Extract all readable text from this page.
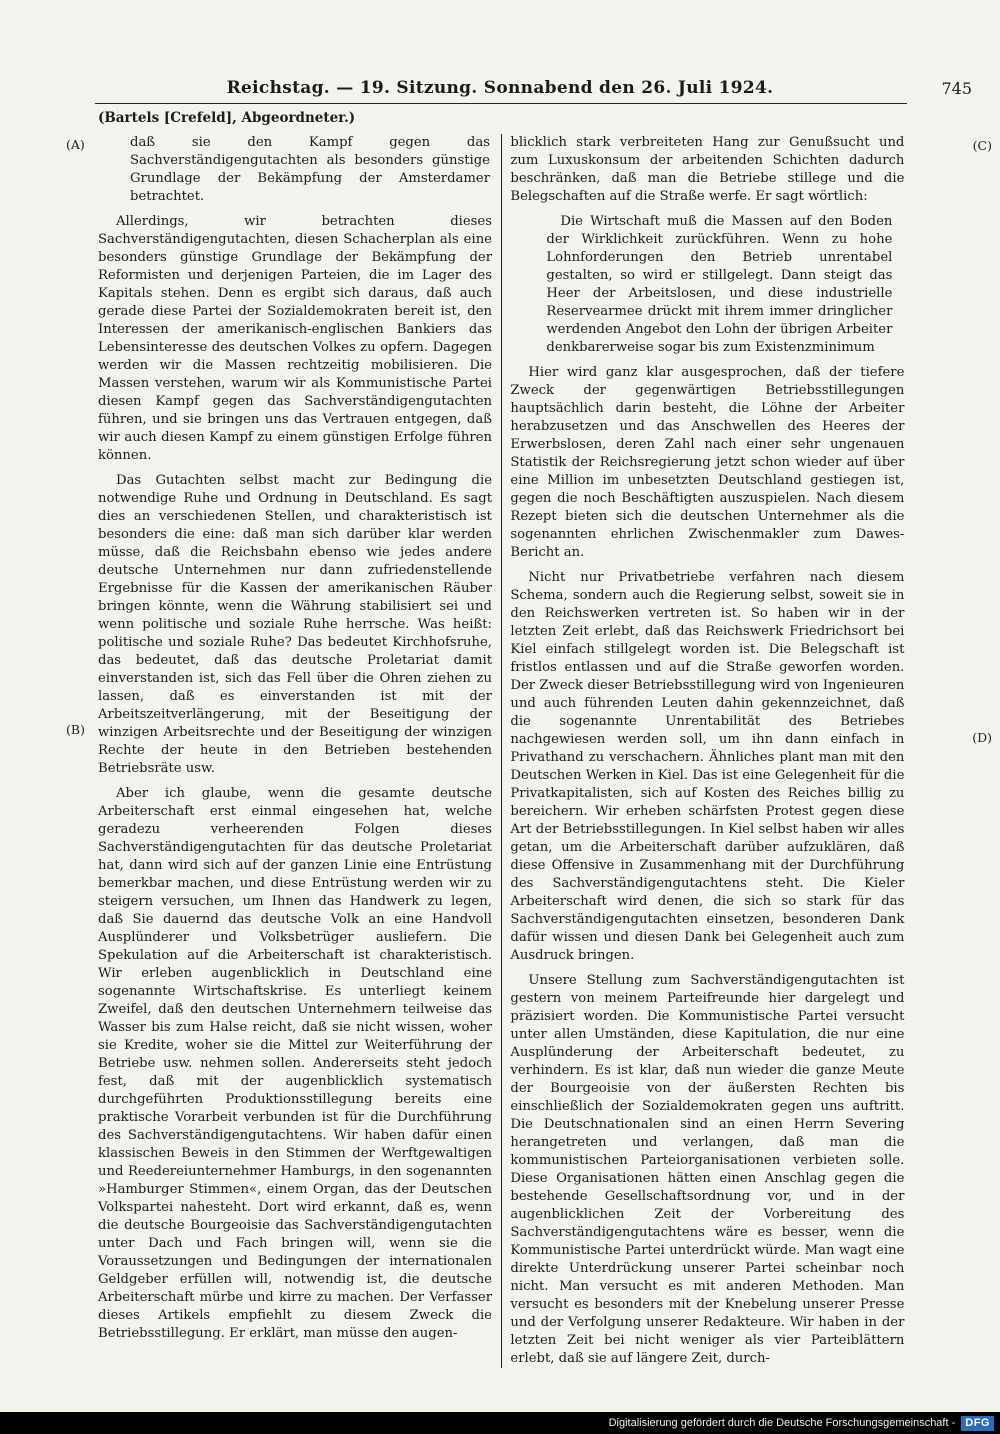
Reichstag. — 19. Sitzung. Sonnabend den 26. Juli 1924.	745
(Bartels [Crefeld], Abgeordneter.)
(A)
(B)
(C)
(D)

daß sie den Kampf gegen das Sachverständigengutachten als besonders günstige Grundlage der Bekämpfung der Amsterdamer betrachtet.

Allerdings, wir betrachten dieses Sachverständigengutachten, diesen Schacherplan als eine besonders günstige Grundlage der Bekämpfung der Reformisten und derjenigen Parteien, die im Lager des Kapitals stehen. Denn es ergibt sich daraus, daß auch gerade diese Partei der Sozialdemokraten bereit ist, den Interessen der amerikanisch-englischen Bankiers das Lebensinteresse des deutschen Volkes zu opfern. Dagegen werden wir die Massen rechtzeitig mobilisieren. Die Massen verstehen, warum wir als Kommunistische Partei diesen Kampf gegen das Sachverständigengutachten führen, und sie bringen uns das Vertrauen entgegen, daß wir auch diesen Kampf zu einem günstigen Erfolge führen können.

Das Gutachten selbst macht zur Bedingung die notwendige Ruhe und Ordnung in Deutschland. Es sagt dies an verschiedenen Stellen, und charakteristisch ist besonders die eine: daß man sich darüber klar werden müsse, daß die Reichsbahn ebenso wie jedes andere deutsche Unternehmen nur dann zufriedenstellende Ergebnisse für die Kassen der amerikanischen Räuber bringen könnte, wenn die Währung stabilisiert sei und wenn politische und soziale Ruhe herrsche. Was heißt: politische und soziale Ruhe? Das bedeutet Kirchhofsruhe, das bedeutet, daß das deutsche Proletariat damit einverstanden ist, sich das Fell über die Ohren ziehen zu lassen, daß es einverstanden ist mit der Arbeitszeitverlängerung, mit der Beseitigung der winzigen Arbeitsrechte und der Beseitigung der winzigen Rechte der heute in den Betrieben bestehenden Betriebsräte usw.

Aber ich glaube, wenn die gesamte deutsche Arbeiterschaft erst einmal eingesehen hat, welche geradezu verheerenden Folgen dieses Sachverständigengutachten für das deutsche Proletariat hat, dann wird sich auf der ganzen Linie eine Entrüstung bemerkbar machen, und diese Entrüstung werden wir zu steigern versuchen, um Ihnen das Handwerk zu legen, daß Sie dauernd das deutsche Volk an eine Handvoll Ausplünderer und Volksbetrüger ausliefern. Die Spekulation auf die Arbeiterschaft ist charakteristisch. Wir erleben augenblicklich in Deutschland eine sogenannte Wirtschaftskrise. Es unterliegt keinem Zweifel, daß den deutschen Unternehmern teilweise das Wasser bis zum Halse reicht, daß sie nicht wissen, woher sie Kredite, woher sie die Mittel zur Weiterführung der Betriebe usw. nehmen sollen. Andererseits steht jedoch fest, daß mit der augenblicklich systematisch durchgeführten Produktionsstillegung bereits eine praktische Vorarbeit verbunden ist für die Durchführung des Sachverständigengutachtens. Wir haben dafür einen klassischen Beweis in den Stimmen der Werftgewaltigen und Reedereiunternehmer Hamburgs, in den sogenannten »Hamburger Stimmen«, einem Organ, das der Deutschen Volkspartei nahesteht. Dort wird erkannt, daß es, wenn die deutsche Bourgeoisie das Sachverständigengutachten unter Dach und Fach bringen will, wenn sie die Voraussetzungen und Bedingungen der internationalen Geldgeber erfüllen will, notwendig ist, die deutsche Arbeiterschaft mürbe und kirre zu machen. Der Verfasser dieses Artikels empfiehlt zu diesem Zweck die Betriebsstillegung. Er erklärt, man müsse den augen-

blicklich stark verbreiteten Hang zur Genußsucht und zum Luxuskonsum der arbeitenden Schichten dadurch beschränken, daß man die Betriebe stillege und die Belegschaften auf die Straße werfe. Er sagt wörtlich:

Die Wirtschaft muß die Massen auf den Boden der Wirklichkeit zurückführen. Wenn zu hohe Lohnforderungen den Betrieb unrentabel gestalten, so wird er stillgelegt. Dann steigt das Heer der Arbeitslosen, und diese industrielle Reservearmee drückt mit ihrem immer dringlicher werdenden Angebot den Lohn der übrigen Arbeiter denkbarerweise sogar bis zum Existenzminimum

Hier wird ganz klar ausgesprochen, daß der tiefere Zweck der gegenwärtigen Betriebsstillegungen hauptsächlich darin besteht, die Löhne der Arbeiter herabzusetzen und das Anschwellen des Heeres der Erwerbslosen, deren Zahl nach einer sehr ungenauen Statistik der Reichsregierung jetzt schon wieder auf über eine Million im unbesetzten Deutschland gestiegen ist, gegen die noch Beschäftigten auszuspielen. Nach diesem Rezept bieten sich die deutschen Unternehmer als die sogenannten ehrlichen Zwischenmakler zum Dawes-Bericht an.

Nicht nur Privatbetriebe verfahren nach diesem Schema, sondern auch die Regierung selbst, soweit sie in den Reichswerken vertreten ist. So haben wir in der letzten Zeit erlebt, daß das Reichswerk Friedrichsort bei Kiel einfach stillgelegt worden ist. Die Belegschaft ist fristlos entlassen und auf die Straße geworfen worden. Der Zweck dieser Betriebsstillegung wird von Ingenieuren und auch führenden Leuten dahin gekennzeichnet, daß die sogenannte Unrentabilität des Betriebes nachgewiesen werden soll, um ihn dann einfach in Privathand zu verschachern. Ähnliches plant man mit den Deutschen Werken in Kiel. Das ist eine Gelegenheit für die Privatkapitalisten, sich auf Kosten des Reiches billig zu bereichern. Wir erheben schärfsten Protest gegen diese Art der Betriebsstillegungen. In Kiel selbst haben wir alles getan, um die Arbeiterschaft darüber aufzuklären, daß diese Offensive in Zusammenhang mit der Durchführung des Sachverständigengutachtens steht. Die Kieler Arbeiterschaft wird denen, die sich so stark für das Sachverständigengutachten einsetzen, besonderen Dank dafür wissen und diesen Dank bei Gelegenheit auch zum Ausdruck bringen.

Unsere Stellung zum Sachverständigengutachten ist gestern von meinem Parteifreunde hier dargelegt und präzisiert worden. Die Kommunistische Partei versucht unter allen Umständen, diese Kapitulation, die nur eine Ausplünderung der Arbeiterschaft bedeutet, zu verhindern. Es ist klar, daß nun wieder die ganze Meute der Bourgeoisie von der äußersten Rechten bis einschließlich der Sozialdemokraten gegen uns auftritt. Die Deutschnationalen sind an einen Herrn Severing herangetreten und verlangen, daß man die kommunistischen Parteiorganisationen verbieten solle. Diese Organisationen hätten einen Anschlag gegen die bestehende Gesellschaftsordnung vor, und in der augenblicklichen Zeit der Vorbereitung des Sachverständigengutachtens wäre es besser, wenn die Kommunistische Partei unterdrückt würde. Man wagt eine direkte Unterdrückung unserer Partei scheinbar noch nicht. Man versucht es mit anderen Methoden. Man versucht es besonders mit der Knebelung unserer Presse und der Verfolgung unserer Redakteure. Wir haben in der letzten Zeit bei nicht weniger als vier Parteiblättern erlebt, daß sie auf längere Zeit, durch-

Digitalisierung gefördert durch die Deutsche Forschungsgemeinschaft - DFG
